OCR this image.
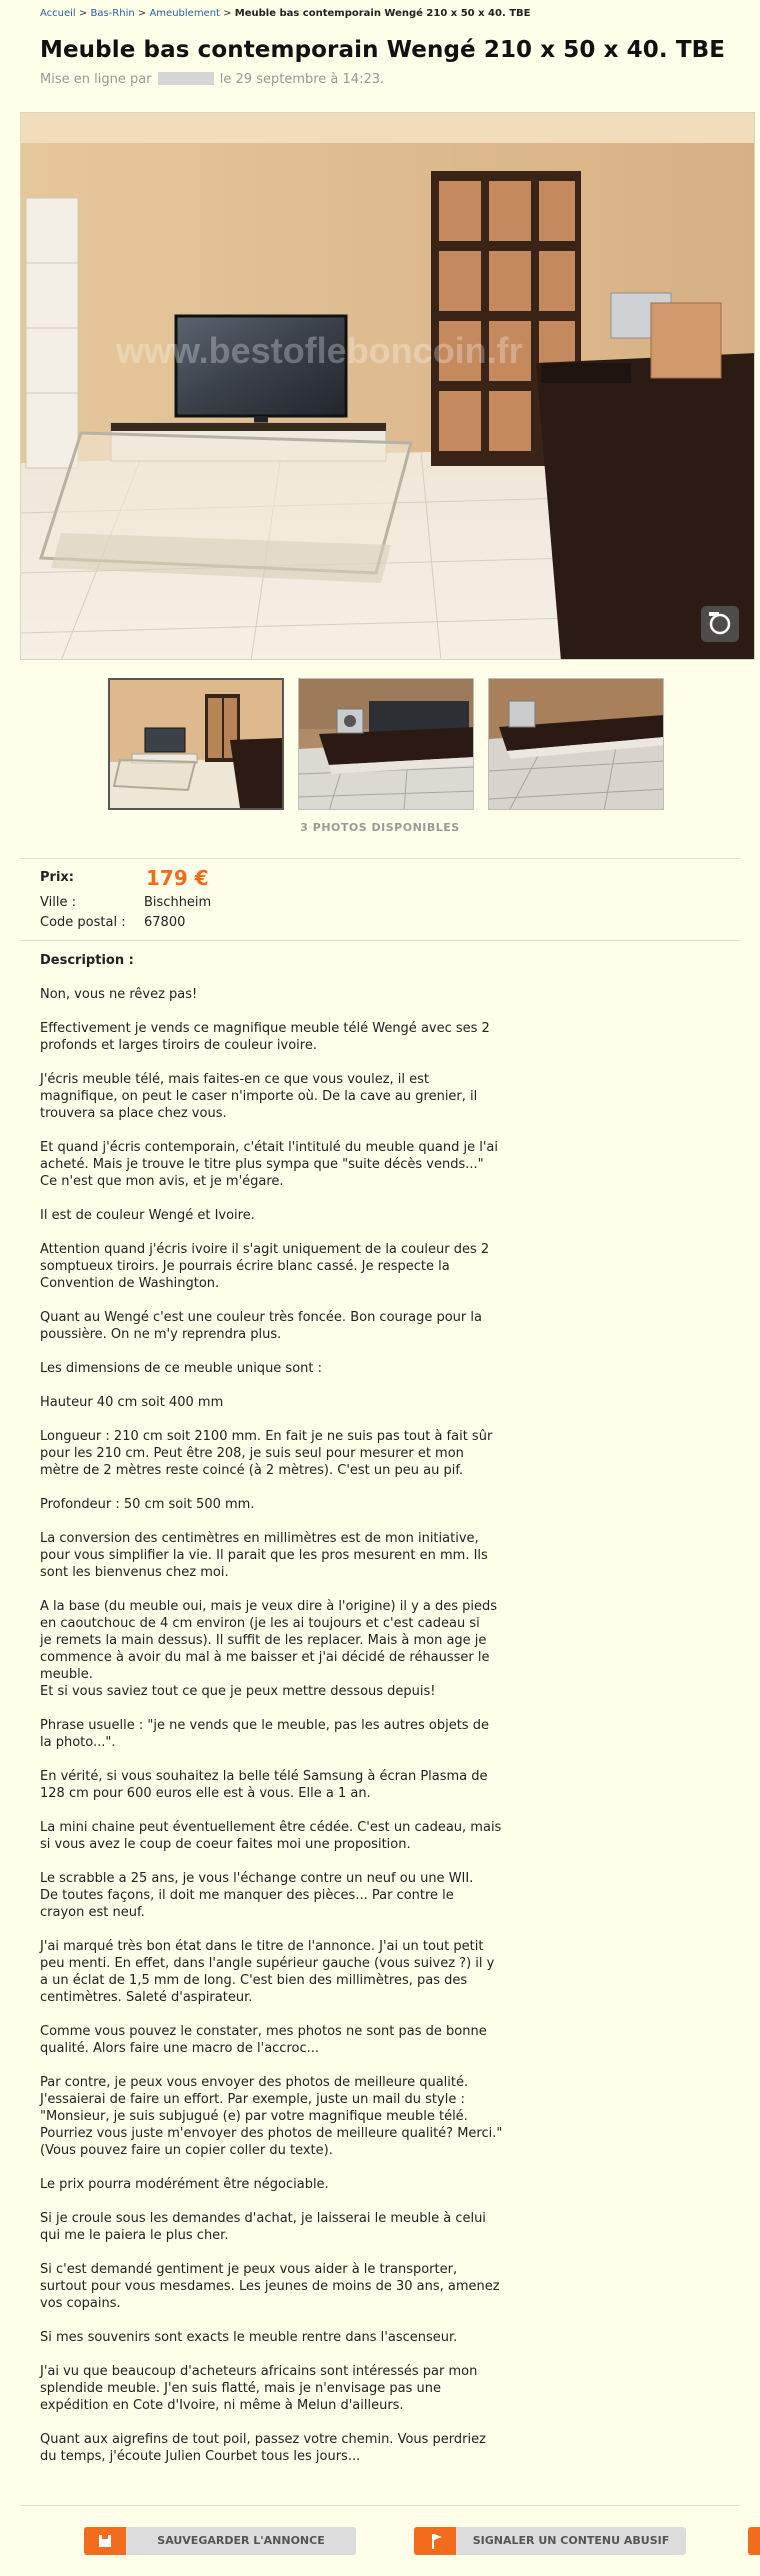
Accueil > Bas-Rhin > Ameublement > Meuble bas contemporain Wengé 210 x 50 x 40. TBE
Meuble bas contemporain Wengé 210 x 50 x 40. TBE
Mise en ligne par	le 29 septembre à 14:23.
www.bestofleboncoin.fr
3 PHOTOS DISPONIBLES
Prix:	179 €
Ville :	Bischheim
Code postal : 67800
Description :

Non, vous ne rêvez pas!

Effectivement je vends ce magnifique meuble télé Wengé avec ses 2
profonds et larges tiroirs de couleur ivoire.

J'écris meuble télé, mais faites-en ce que vous voulez, il est
magnifique, on peut le caser n'importe où. De la cave au grenier, il
trouvera sa place chez vous.

Et quand j'écris contemporain, c'était l'intitulé du meuble quand je l'ai
acheté. Mais je trouve le titre plus sympa que "suite décès vends..."
Ce n'est que mon avis, et je m'égare.

Il est de couleur Wengé et Ivoire.

Attention quand j'écris ivoire il s'agit uniquement de la couleur des 2
somptueux tiroirs. Je pourrais écrire blanc cassé. Je respecte la
Convention de Washington.

Quant au Wengé c'est une couleur très foncée. Bon courage pour la
poussière. On ne m'y reprendra plus.

Les dimensions de ce meuble unique sont :

Hauteur 40 cm soit 400 mm

Longueur : 210 cm soit 2100 mm. En fait je ne suis pas tout à fait sûr
pour les 210 cm. Peut être 208, je suis seul pour mesurer et mon
mètre de 2 mètres reste coincé (à 2 mètres). C'est un peu au pif.

Profondeur : 50 cm soit 500 mm.

La conversion des centimètres en millimètres est de mon initiative,
pour vous simplifier la vie. Il parait que les pros mesurent en mm. Ils
sont les bienvenus chez moi.

A la base (du meuble oui, mais je veux dire à l'origine) il y a des pieds
en caoutchouc de 4 cm environ (je les ai toujours et c'est cadeau si
je remets la main dessus). Il suffit de les replacer. Mais à mon age je
commence à avoir du mal à me baisser et j'ai décidé de réhausser le
meuble.
Et si vous saviez tout ce que je peux mettre dessous depuis!

Phrase usuelle : "je ne vends que le meuble, pas les autres objets de
la photo...".

En vérité, si vous souhaitez la belle télé Samsung à écran Plasma de
128 cm pour 600 euros elle est à vous. Elle a 1 an.

La mini chaine peut éventuellement être cédée. C'est un cadeau, mais
si vous avez le coup de coeur faites moi une proposition.

Le scrabble a 25 ans, je vous l'échange contre un neuf ou une WII.
De toutes façons, il doit me manquer des pièces... Par contre le
crayon est neuf.

J'ai marqué très bon état dans le titre de l'annonce. J'ai un tout petit
peu menti. En effet, dans l'angle supérieur gauche (vous suivez ?) il y
a un éclat de 1,5 mm de long. C'est bien des millimètres, pas des
centimètres. Saleté d'aspirateur.

Comme vous pouvez le constater, mes photos ne sont pas de bonne
qualité. Alors faire une macro de l'accroc...

Par contre, je peux vous envoyer des photos de meilleure qualité.
J'essaierai de faire un effort. Par exemple, juste un mail du style :
"Monsieur, je suis subjugué (e) par votre magnifique meuble télé.
Pourriez vous juste m'envoyer des photos de meilleure qualité? Merci."
(Vous pouvez faire un copier coller du texte).

Le prix pourra modérément être négociable.

Si je croule sous les demandes d'achat, je laisserai le meuble à celui
qui me le paiera le plus cher.

Si c'est demandé gentiment je peux vous aider à le transporter,
surtout pour vous mesdames. Les jeunes de moins de 30 ans, amenez
vos copains.

Si mes souvenirs sont exacts le meuble rentre dans l'ascenseur.

J'ai vu que beaucoup d'acheteurs africains sont intéressés par mon
splendide meuble. J'en suis flatté, mais je n'envisage pas une
expédition en Cote d'Ivoire, ni même à Melun d'ailleurs.

Quant aux aigrefins de tout poil, passez votre chemin. Vous perdriez
du temps, j'écoute Julien Courbet tous les jours...

SAUVEGARDER L'ANNONCE	SIGNALER UN CONTENU ABUSIF
